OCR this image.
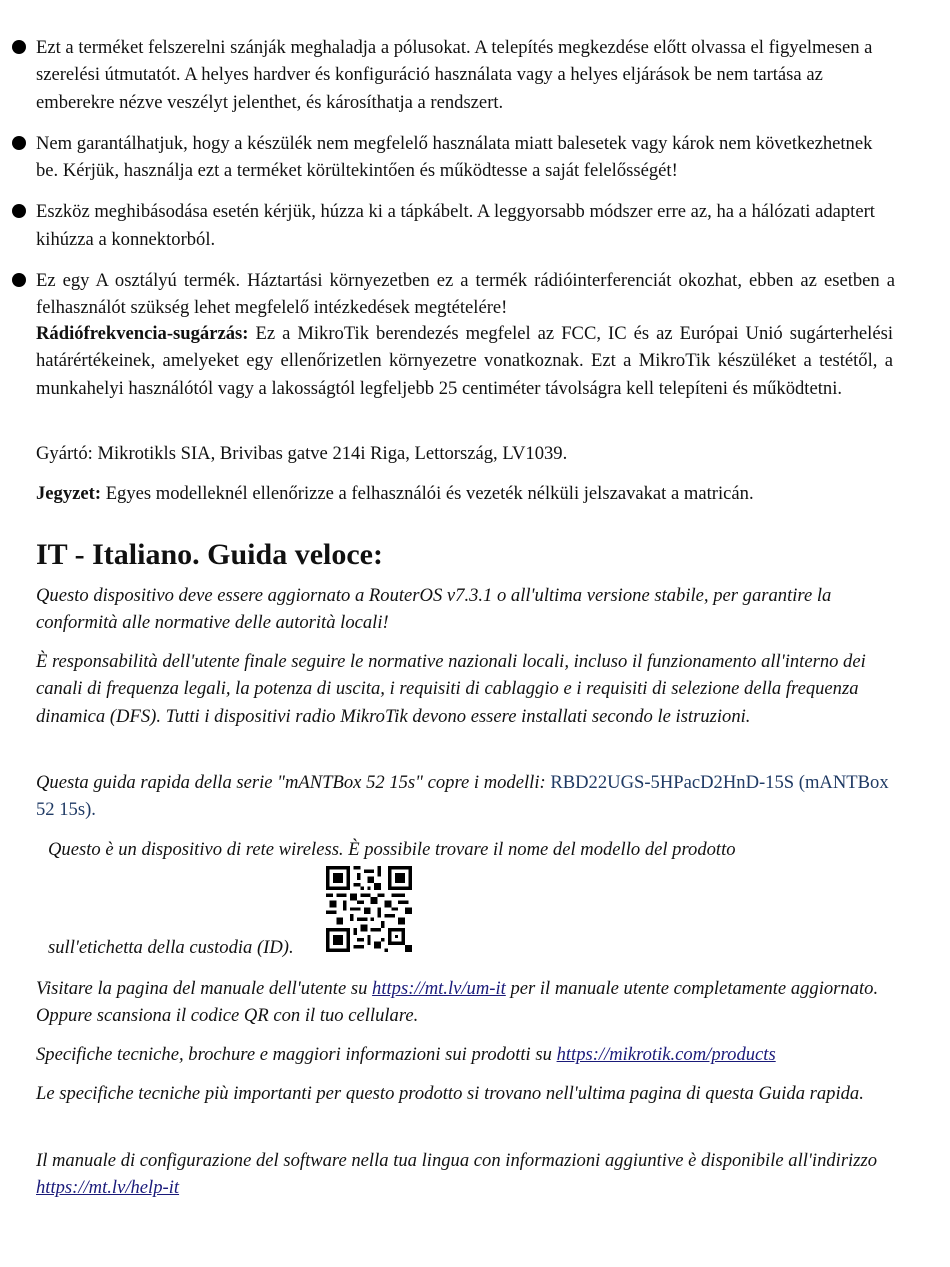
Ezt a terméket felszerelni szánják meghaladja a pólusokat. A telepítés megkezdése előtt olvassa el figyelmesen a szerelési útmutatót. A helyes hardver és konfiguráció használata vagy a helyes eljárások be nem tartása az emberekre nézve veszélyt jelenthet, és károsíthatja a rendszert.
Nem garantálhatjuk, hogy a készülék nem megfelelő használata miatt balesetek vagy károk nem következhetnek be. Kérjük, használja ezt a terméket körültekintően és működtesse a saját felelősségét!
Eszköz meghibásodása esetén kérjük, húzza ki a tápkábelt. A leggyorsabb módszer erre az, ha a hálózati adaptert kihúzza a konnektorból.
Ez egy A osztályú termék. Háztartási környezetben ez a termék rádióinterferenciát okozhat, ebben az esetben a felhasználót szükség lehet megfelelő intézkedések megtételére!

Rádiófrekvencia-sugárzás: Ez a MikroTik berendezés megfelel az FCC, IC és az Európai Unió sugárterhelési határértékeinek, amelyeket egy ellenőrizetlen környezetre vonatkoznak. Ezt a MikroTik készüléket a testétől, a munkahelyi használótól vagy a lakosságtól legfeljebb 25 centiméter távolságra kell telepíteni és működtetni.

Gyártó: Mikrotikls SIA, Brivibas gatve 214i Riga, Lettország, LV1039.

Jegyzet: Egyes modelleknél ellenőrizze a felhasználói és vezeték nélküli jelszavakat a matricán.

IT - Italiano. Guida veloce:

Questo dispositivo deve essere aggiornato a RouterOS v7.3.1 o all'ultima versione stabile, per garantire la conformità alle normative delle autorità locali!

È responsabilità dell'utente finale seguire le normative nazionali locali, incluso il funzionamento all'interno dei canali di frequenza legali, la potenza di uscita, i requisiti di cablaggio e i requisiti di selezione della frequenza dinamica (DFS). Tutti i dispositivi radio MikroTik devono essere installati secondo le istruzioni.

Questa guida rapida della serie "mANTBox 52 15s" copre i modelli: RBD22UGS-5HPacD2HnD-15S (mANTBox 52 15s).

Questo è un dispositivo di rete wireless. È possibile trovare il nome del modello del prodotto

sull'etichetta della custodia (ID).

Visitare la pagina del manuale dell'utente su https://mt.lv/um-it per il manuale utente completamente aggiornato. Oppure scansiona il codice QR con il tuo cellulare.

Specifiche tecniche, brochure e maggiori informazioni sui prodotti su https://mikrotik.com/products

Le specifiche tecniche più importanti per questo prodotto si trovano nell'ultima pagina di questa Guida rapida.

Il manuale di configurazione del software nella tua lingua con informazioni aggiuntive è disponibile all'indirizzo https://mt.lv/help-it
